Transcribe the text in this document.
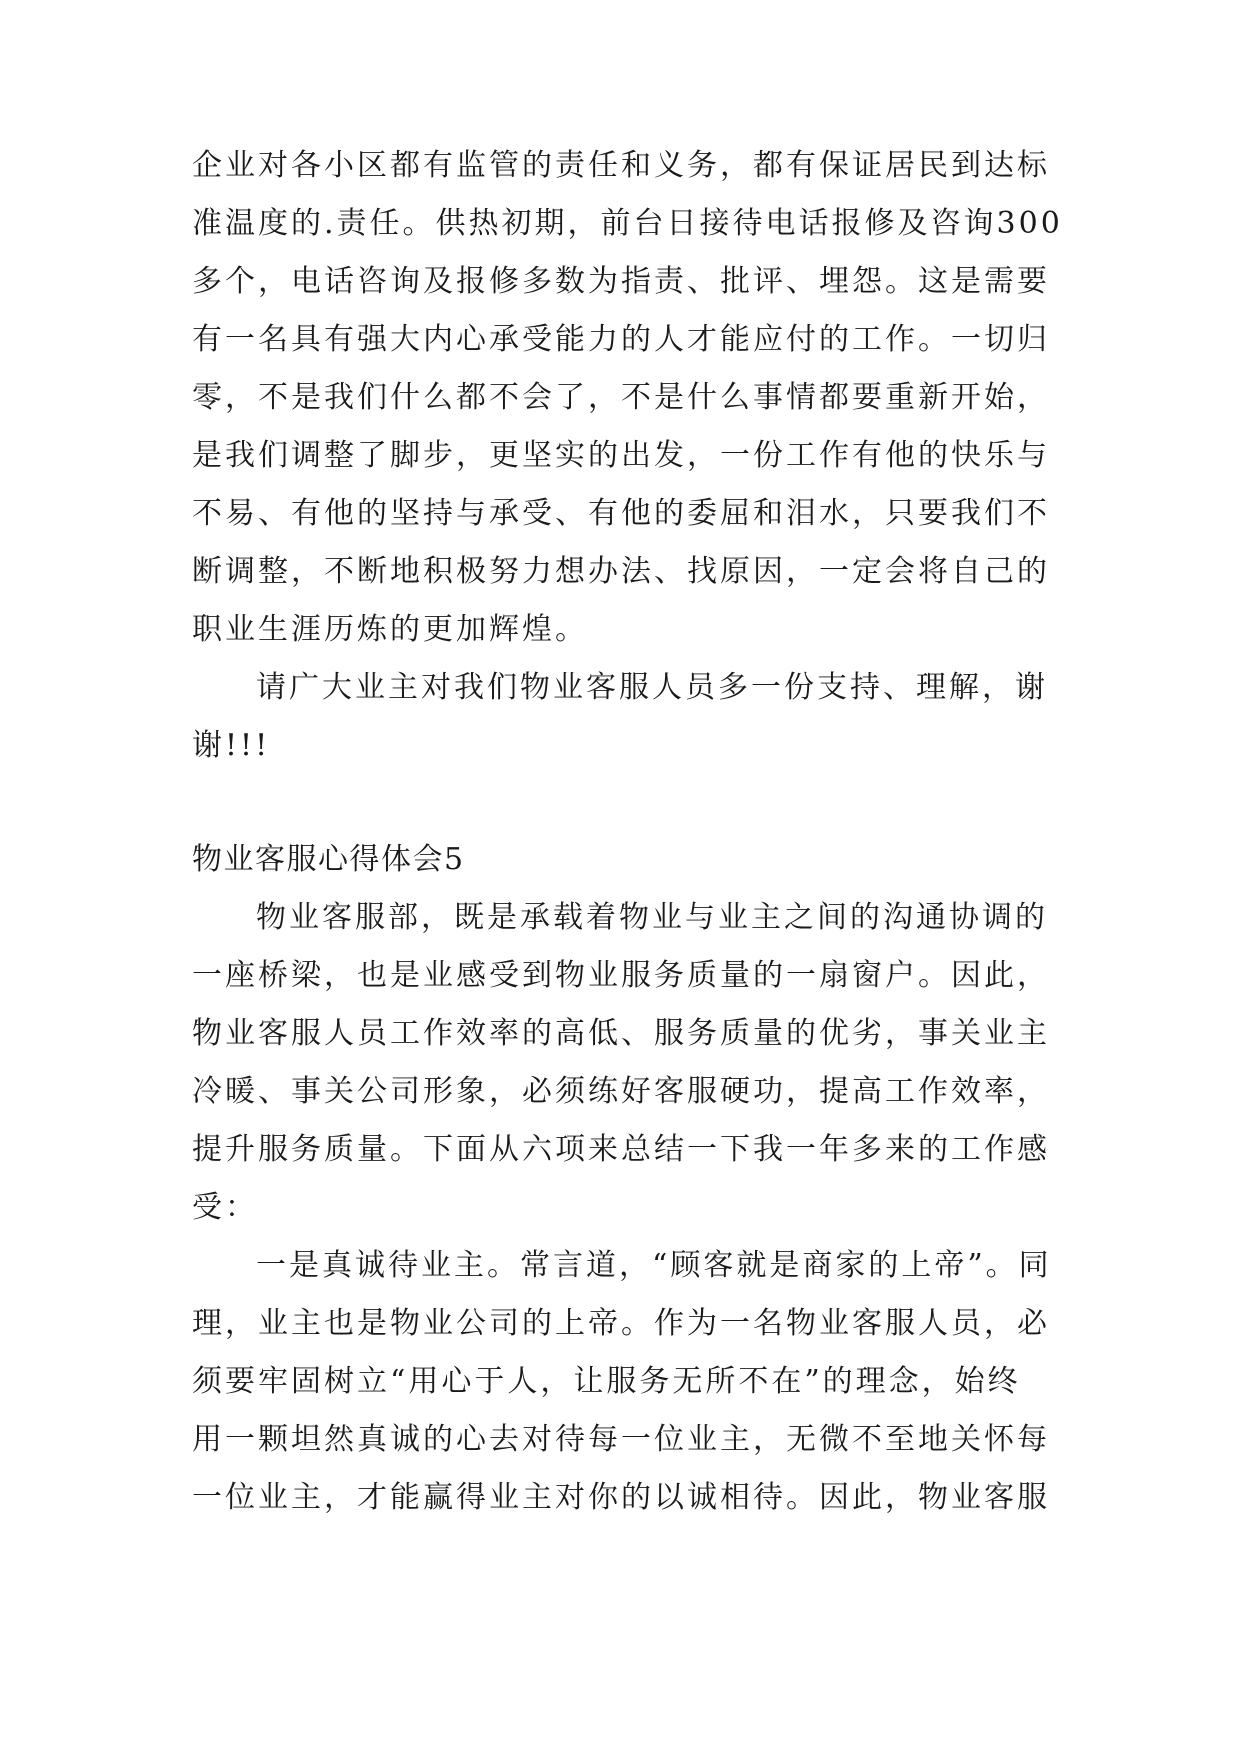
企业对各小区都有监管的责任和义务，都有保证居民到达标
准温度的.责任。供热初期，前台日接待电话报修及咨询300
多个，电话咨询及报修多数为指责、批评、埋怨。这是需要
有一名具有强大内心承受能力的人才能应付的工作。一切归
零，不是我们什么都不会了，不是什么事情都要重新开始，
是我们调整了脚步，更坚实的出发，一份工作有他的快乐与
不易、有他的坚持与承受、有他的委屈和泪水，只要我们不
断调整，不断地积极努力想办法、找原因，一定会将自己的
职业生涯历炼的更加辉煌。
请广大业主对我们物业客服人员多一份支持、理解，谢
谢!!!
物业客服心得体会5
物业客服部，既是承载着物业与业主之间的沟通协调的
一座桥梁，也是业感受到物业服务质量的一扇窗户。因此，
物业客服人员工作效率的高低、服务质量的优劣，事关业主
冷暖、事关公司形象，必须练好客服硬功，提高工作效率，
提升服务质量。下面从六项来总结一下我一年多来的工作感
受：
一是真诚待业主。常言道，“顾客就是商家的上帝”。同
理，业主也是物业公司的上帝。作为一名物业客服人员，必
须要牢固树立“用心于人，让服务无所不在”的理念，始终
用一颗坦然真诚的心去对待每一位业主，无微不至地关怀每
一位业主，才能赢得业主对你的以诚相待。因此，物业客服
